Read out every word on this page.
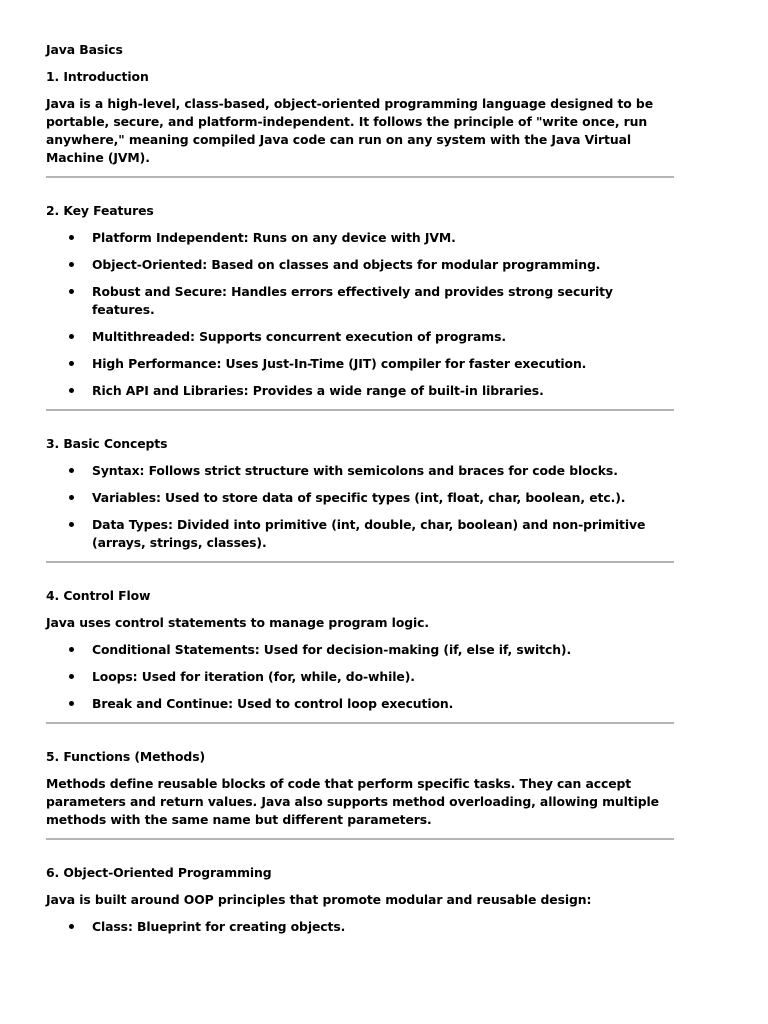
Java Basics
1. Introduction
Java is a high-level, class-based, object-oriented programming language designed to be portable, secure, and platform-independent. It follows the principle of "write once, run anywhere," meaning compiled Java code can run on any system with the Java Virtual Machine (JVM).
2. Key Features
Platform Independent: Runs on any device with JVM.
Object-Oriented: Based on classes and objects for modular programming.
Robust and Secure: Handles errors effectively and provides strong security features.
Multithreaded: Supports concurrent execution of programs.
High Performance: Uses Just-In-Time (JIT) compiler for faster execution.
Rich API and Libraries: Provides a wide range of built-in libraries.
3. Basic Concepts
Syntax: Follows strict structure with semicolons and braces for code blocks.
Variables: Used to store data of specific types (int, float, char, boolean, etc.).
Data Types: Divided into primitive (int, double, char, boolean) and non-primitive (arrays, strings, classes).
4. Control Flow
Java uses control statements to manage program logic.
Conditional Statements: Used for decision-making (if, else if, switch).
Loops: Used for iteration (for, while, do-while).
Break and Continue: Used to control loop execution.
5. Functions (Methods)
Methods define reusable blocks of code that perform specific tasks. They can accept parameters and return values. Java also supports method overloading, allowing multiple methods with the same name but different parameters.
6. Object-Oriented Programming
Java is built around OOP principles that promote modular and reusable design:
Class: Blueprint for creating objects.
